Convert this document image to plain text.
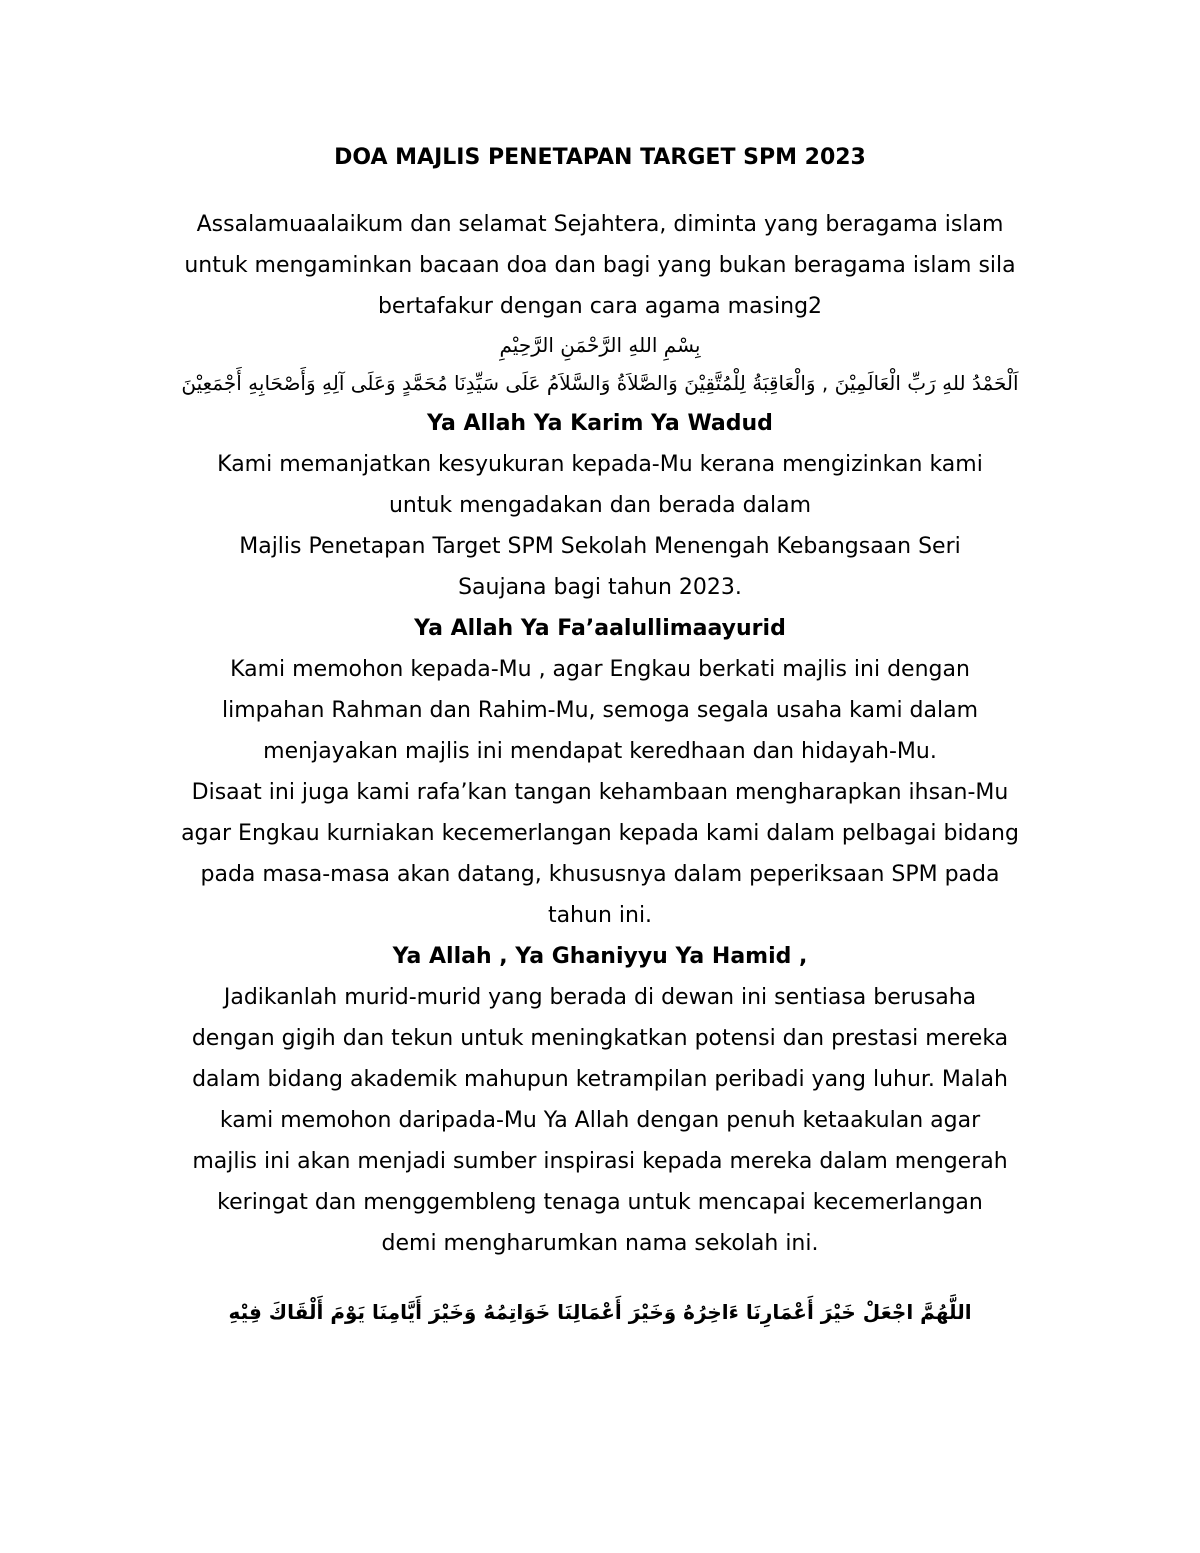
DOA MAJLIS PENETAPAN TARGET SPM 2023

Assalamuaalaikum dan selamat Sejahtera, diminta yang beragama islam untuk mengaminkan bacaan doa dan bagi yang bukan beragama islam sila bertafakur dengan cara agama masing2

بِسْمِ اللهِ الرَّحْمَنِ الرَّحِيْمِ

اَلْحَمْدُ للهِ رَبِّ الْعَالَمِيْنَ , وَالْعَاقِبَةُ لِلْمُتَّقِيْنَ وَالصَّلاَةُ وَالسَّلاَمُ عَلَى سَيِّدِنَا مُحَمَّدٍ وَعَلَى آلِهِ وَأَصْحَابِهِ أَجْمَعِيْنَ

Ya Allah Ya Karim Ya Wadud

Kami memanjatkan kesyukuran kepada-Mu kerana mengizinkan kami untuk mengadakan dan berada dalam

Majlis Penetapan Target SPM Sekolah Menengah Kebangsaan Seri Saujana bagi tahun 2023.

Ya Allah Ya Fa’aalullimaayurid

Kami memohon kepada-Mu , agar Engkau berkati majlis ini dengan limpahan Rahman dan Rahim-Mu, semoga segala usaha kami dalam menjayakan majlis ini mendapat keredhaan dan hidayah-Mu.

Disaat ini juga kami rafa’kan tangan kehambaan mengharapkan ihsan-Mu agar Engkau kurniakan kecemerlangan kepada kami dalam pelbagai bidang pada masa-masa akan datang, khususnya dalam peperiksaan SPM pada tahun ini.

Ya Allah , Ya Ghaniyyu Ya Hamid ,

Jadikanlah murid-murid yang berada di dewan ini sentiasa berusaha dengan gigih dan tekun untuk meningkatkan potensi dan prestasi mereka dalam bidang akademik mahupun ketrampilan peribadi yang luhur. Malah kami memohon daripada-Mu Ya Allah dengan penuh ketaakulan agar majlis ini akan menjadi sumber inspirasi kepada mereka dalam mengerah keringat dan menggembleng tenaga untuk mencapai kecemerlangan demi mengharumkan nama sekolah ini.

اللَّهُمَّ اجْعَلْ خَيْرَ أَعْمَارِنَا ءَاخِرُهُ وَخَيْرَ أَعْمَالِنَا خَوَاتِمُهُ وَخَيْرَ أَيَّامِنَا يَوْمَ أَلْقَاكَ فِيْهِ
